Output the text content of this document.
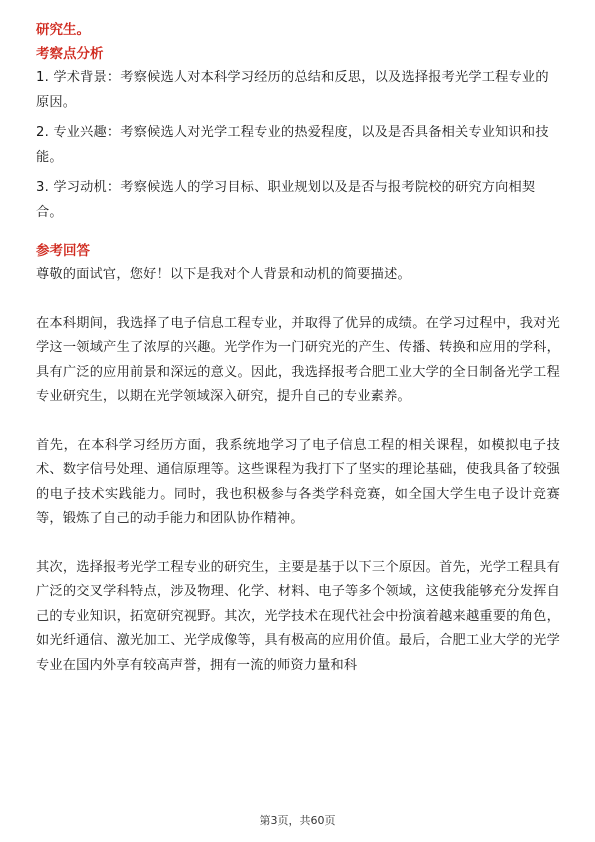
研究生。
考察点分析

1. 学术背景：考察候选人对本科学习经历的总结和反思，以及选择报考光学工程专业的原因。

2. 专业兴趣：考察候选人对光学工程专业的热爱程度，以及是否具备相关专业知识和技能。

3. 学习动机：考察候选人的学习目标、职业规划以及是否与报考院校的研究方向相契合。

参考回答

尊敬的面试官，您好！以下是我对个人背景和动机的简要描述。

在本科期间，我选择了电子信息工程专业，并取得了优异的成绩。在学习过程中，我对光学这一领域产生了浓厚的兴趣。光学作为一门研究光的产生、传播、转换和应用的学科，具有广泛的应用前景和深远的意义。因此，我选择报考合肥工业大学的全日制备光学工程专业研究生，以期在光学领域深入研究，提升自己的专业素养。

首先，在本科学习经历方面，我系统地学习了电子信息工程的相关课程，如模拟电子技术、数字信号处理、通信原理等。这些课程为我打下了坚实的理论基础，使我具备了较强的电子技术实践能力。同时，我也积极参与各类学科竞赛，如全国大学生电子设计竞赛等，锻炼了自己的动手能力和团队协作精神。

其次，选择报考光学工程专业的研究生，主要是基于以下三个原因。首先，光学工程具有广泛的交叉学科特点，涉及物理、化学、材料、电子等多个领域，这使我能够充分发挥自己的专业知识，拓宽研究视野。其次，光学技术在现代社会中扮演着越来越重要的角色，如光纤通信、激光加工、光学成像等，具有极高的应用价值。最后，合肥工业大学的光学专业在国内外享有较高声誉，拥有一流的师资力量和科

第3页，共60页
